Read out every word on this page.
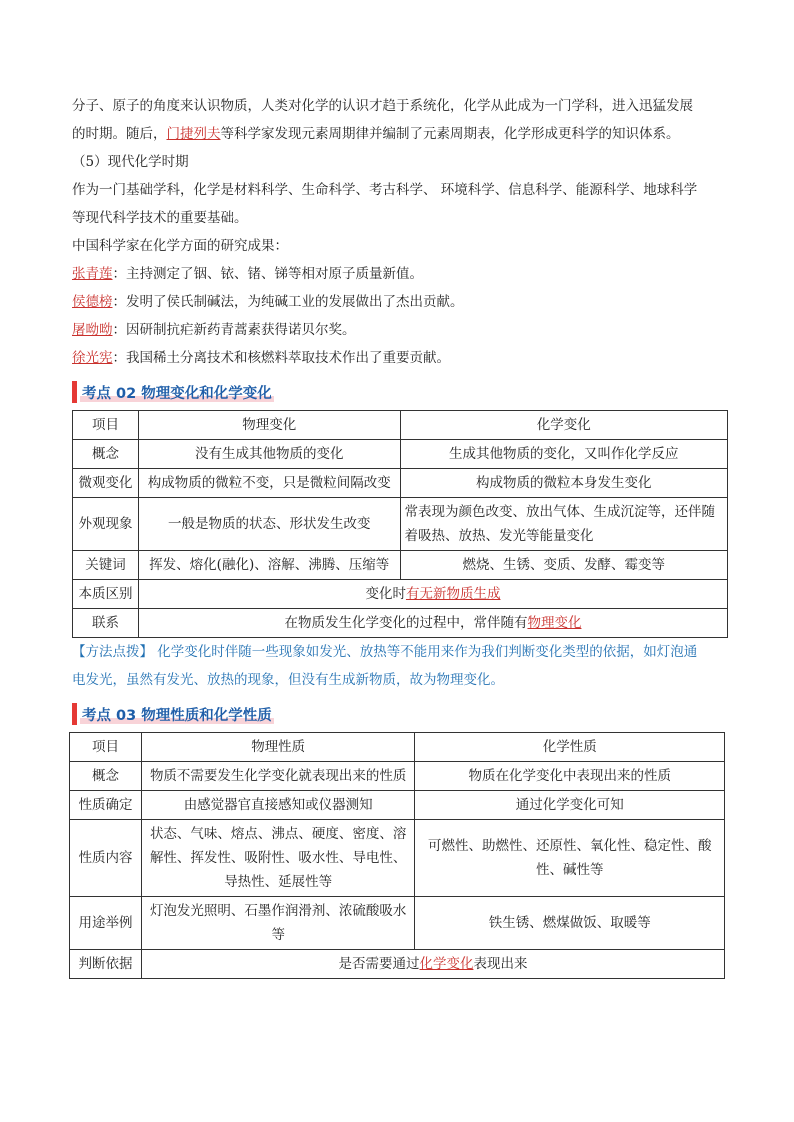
分子、原子的角度来认识物质，人类对化学的认识才趋于系统化，化学从此成为一门学科，进入迅猛发展

的时期。随后，门捷列夫等科学家发现元素周期律并编制了元素周期表，化学形成更科学的知识体系。

（5）现代化学时期

作为一门基础学科，化学是材料科学、生命科学、考古科学、 环境科学、信息科学、能源科学、地球科学

等现代科学技术的重要基础。

中国科学家在化学方面的研究成果：

张青莲：主持测定了铟、铱、锗、锑等相对原子质量新值。

侯德榜：发明了侯氏制碱法，为纯碱工业的发展做出了杰出贡献。

屠呦呦：因研制抗疟新药青蒿素获得诺贝尔奖。

徐光宪：我国稀土分离技术和核燃料萃取技术作出了重要贡献。

考点 02 物理变化和化学变化
项目	物理变化	化学变化
概念	没有生成其他物质的变化	生成其他物质的变化，又叫作化学反应
微观变化	构成物质的微粒不变，只是微粒间隔改变	构成物质的微粒本身发生变化
外观现象	一般是物质的状态、形状发生改变	常表现为颜色改变、放出气体、生成沉淀等，还伴随着吸热、放热、发光等能量变化
关键词	挥发、熔化(融化)、溶解、沸腾、压缩等	燃烧、生锈、变质、发酵、霉变等
本质区别	变化时有无新物质生成	
联系	在物质发生化学变化的过程中，常伴随有物理变化	

【方法点拨】 化学变化时伴随一些现象如发光、放热等不能用来作为我们判断变化类型的依据，如灯泡通

电发光，虽然有发光、放热的现象，但没有生成新物质，故为物理变化。

考点 03 物理性质和化学性质
项目	物理性质	化学性质
概念	物质不需要发生化学变化就表现出来的性质	物质在化学变化中表现出来的性质
性质确定	由感觉器官直接感知或仪器测知	通过化学变化可知
性质内容	状态、气味、熔点、沸点、硬度、密度、溶解性、挥发性、吸附性、吸水性、导电性、导热性、延展性等	可燃性、助燃性、还原性、氧化性、稳定性、酸性、碱性等
用途举例	灯泡发光照明、石墨作润滑剂、浓硫酸吸水等	铁生锈、燃煤做饭、取暖等
判断依据	是否需要通过化学变化表现出来	
